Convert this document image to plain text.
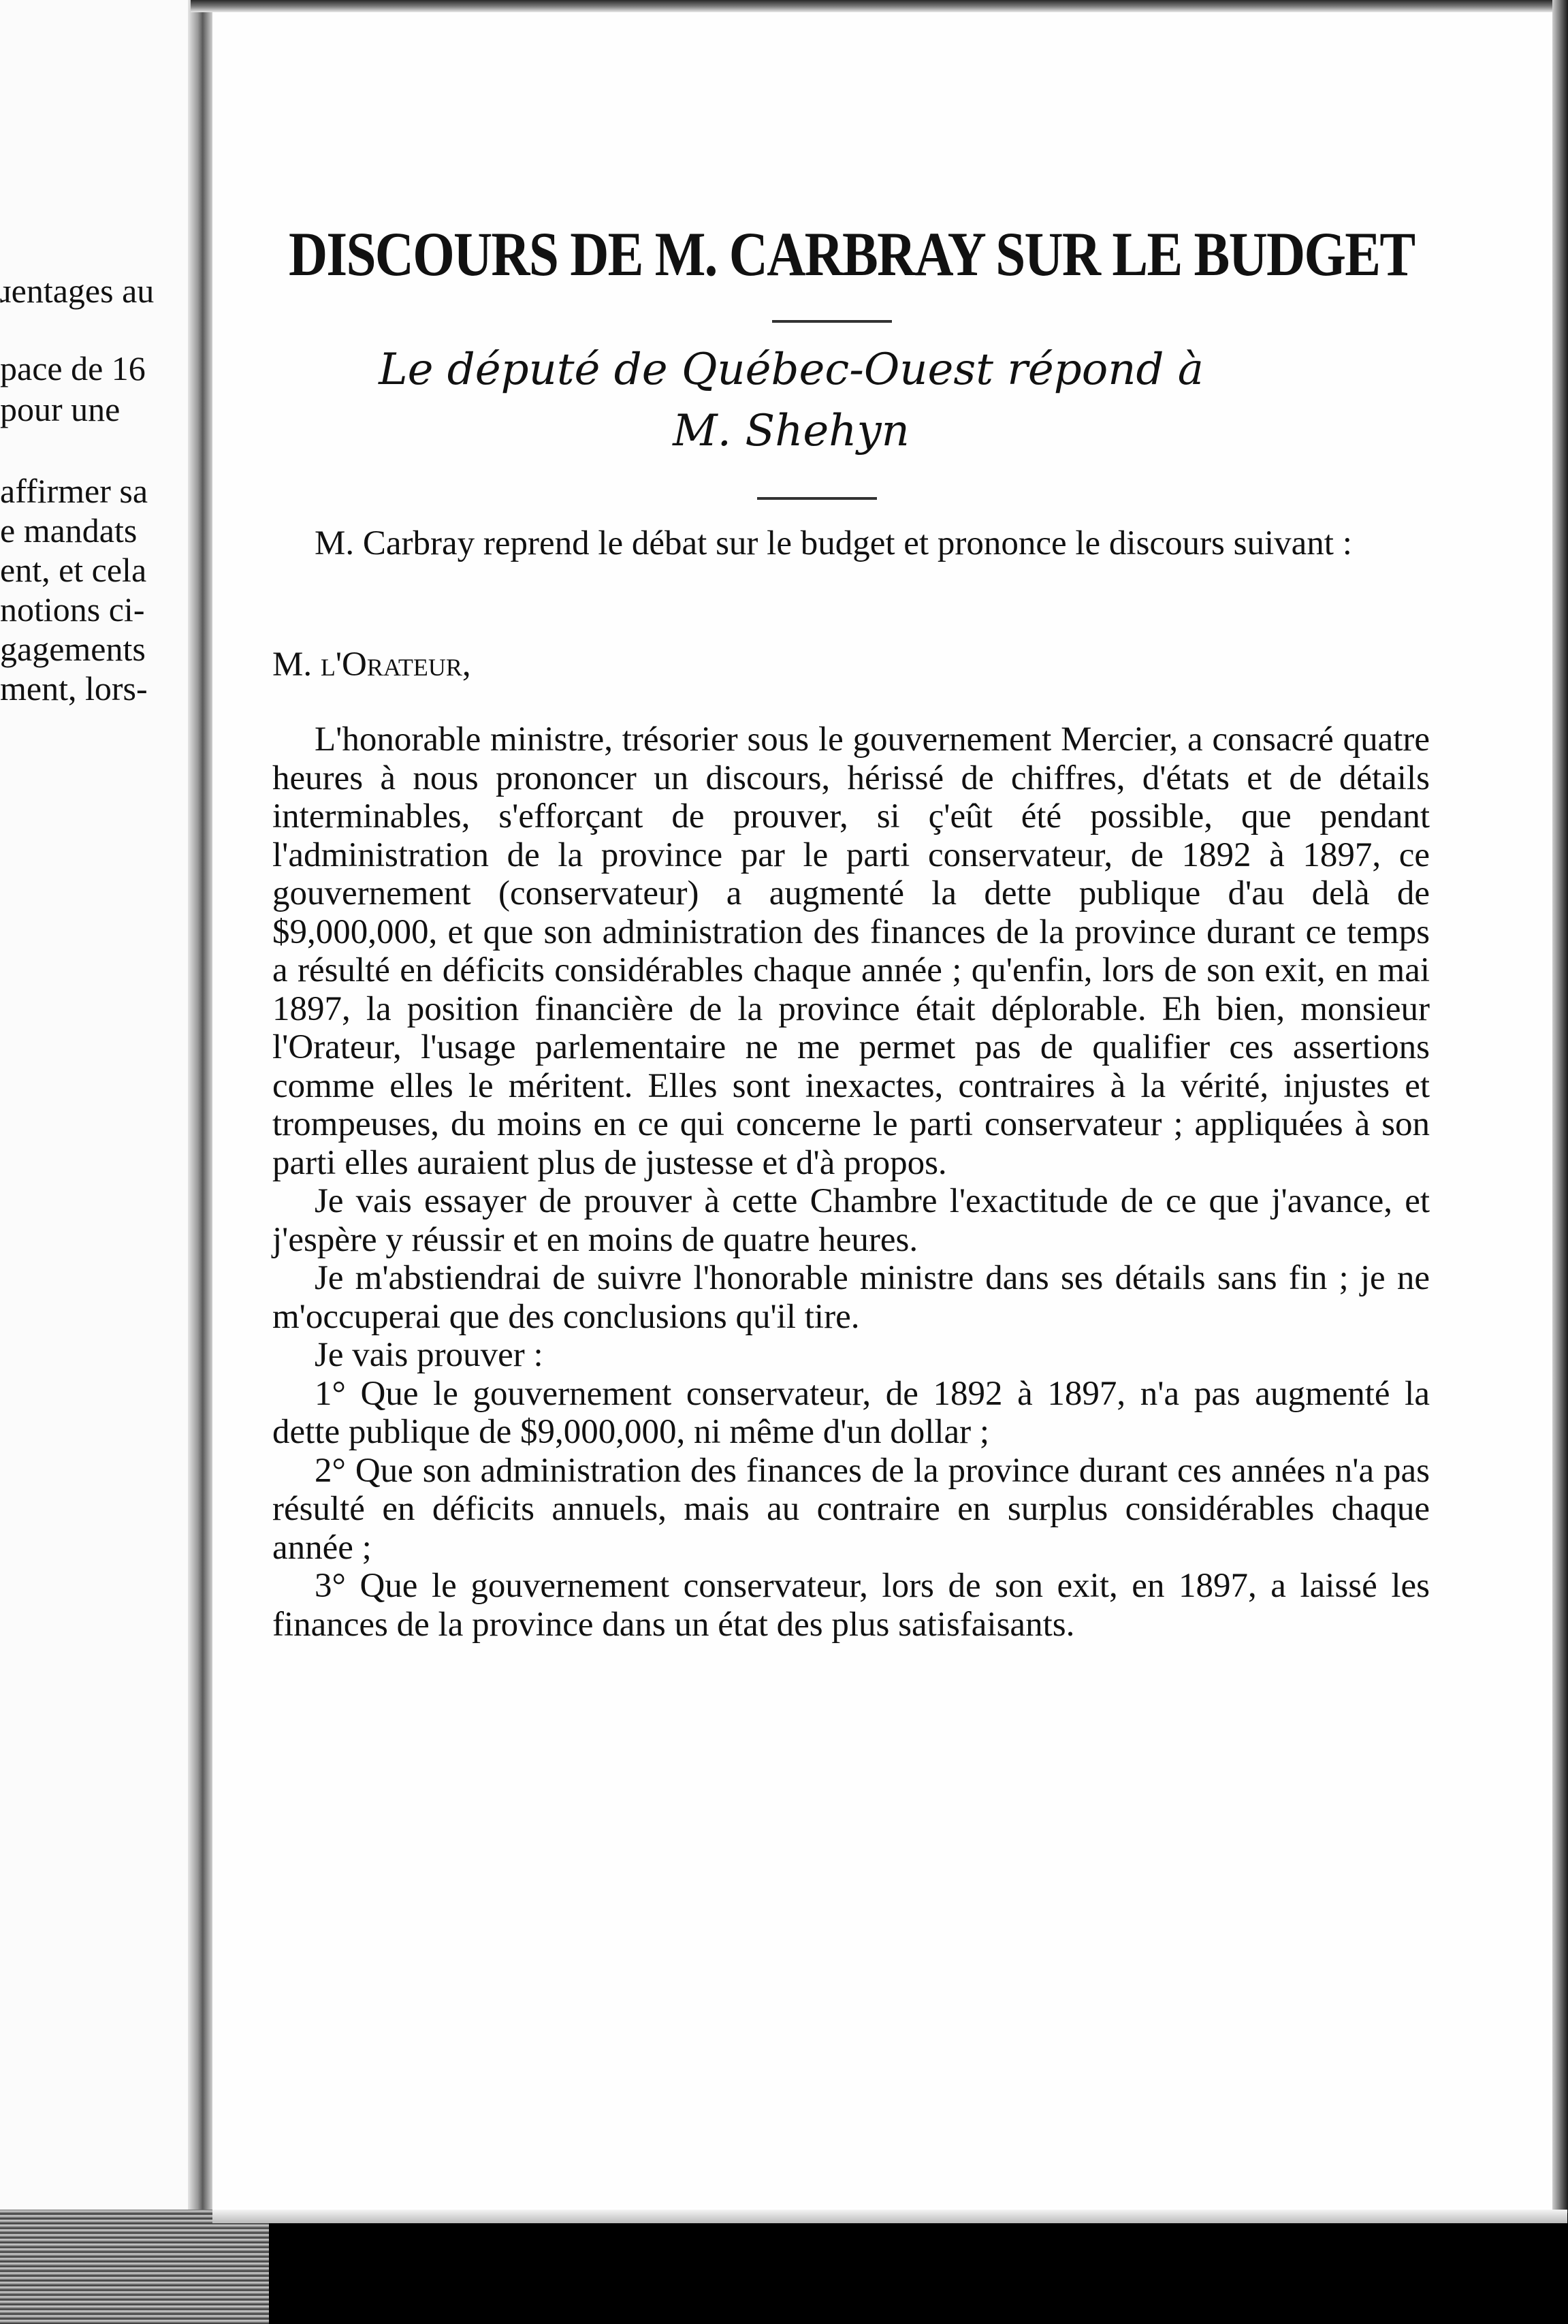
ɹentages au
pace de 16
pour une
affirmer sa
e mandats
ent, et cela
notions ci-
gagements
ment, lors-
DISCOURS DE M. CARBRAY SUR LE BUDGET
Le député de Québec-Ouest répond à
M. Shehyn

M. Carbray reprend le débat sur le budget et prononce le discours suivant :

M. l'Orateur,

L'honorable ministre, trésorier sous le gouvernement Mercier, a consacré quatre heures à nous prononcer un discours, hérissé de chiffres, d'états et de détails interminables, s'efforçant de prouver, si ç'eût été possible, que pendant l'administration de la province par le parti conservateur, de 1892 à 1897, ce gouvernement (conservateur) a augmenté la dette publique d'au delà de $9,000,000, et que son administration des finances de la province durant ce temps a résulté en déficits considérables chaque année ; qu'enfin, lors de son exit, en mai 1897, la position financière de la province était déplorable. Eh bien, monsieur l'Orateur, l'usage parlementaire ne me permet pas de qualifier ces assertions comme elles le méritent. Elles sont inexactes, contraires à la vérité, injustes et trompeuses, du moins en ce qui concerne le parti conservateur ; appliquées à son parti elles auraient plus de justesse et d'à propos.

Je vais essayer de prouver à cette Chambre l'exactitude de ce que j'avance, et j'espère y réussir et en moins de quatre heures.

Je m'abstiendrai de suivre l'honorable ministre dans ses détails sans fin ; je ne m'occuperai que des conclusions qu'il tire.

Je vais prouver :

1° Que le gouvernement conservateur, de 1892 à 1897, n'a pas augmenté la dette publique de $9,000,000, ni même d'un dollar ;

2° Que son administration des finances de la province durant ces années n'a pas résulté en déficits annuels, mais au contraire en surplus considérables chaque année ;

3° Que le gouvernement conservateur, lors de son exit, en 1897, a laissé les finances de la province dans un état des plus satisfaisants.
